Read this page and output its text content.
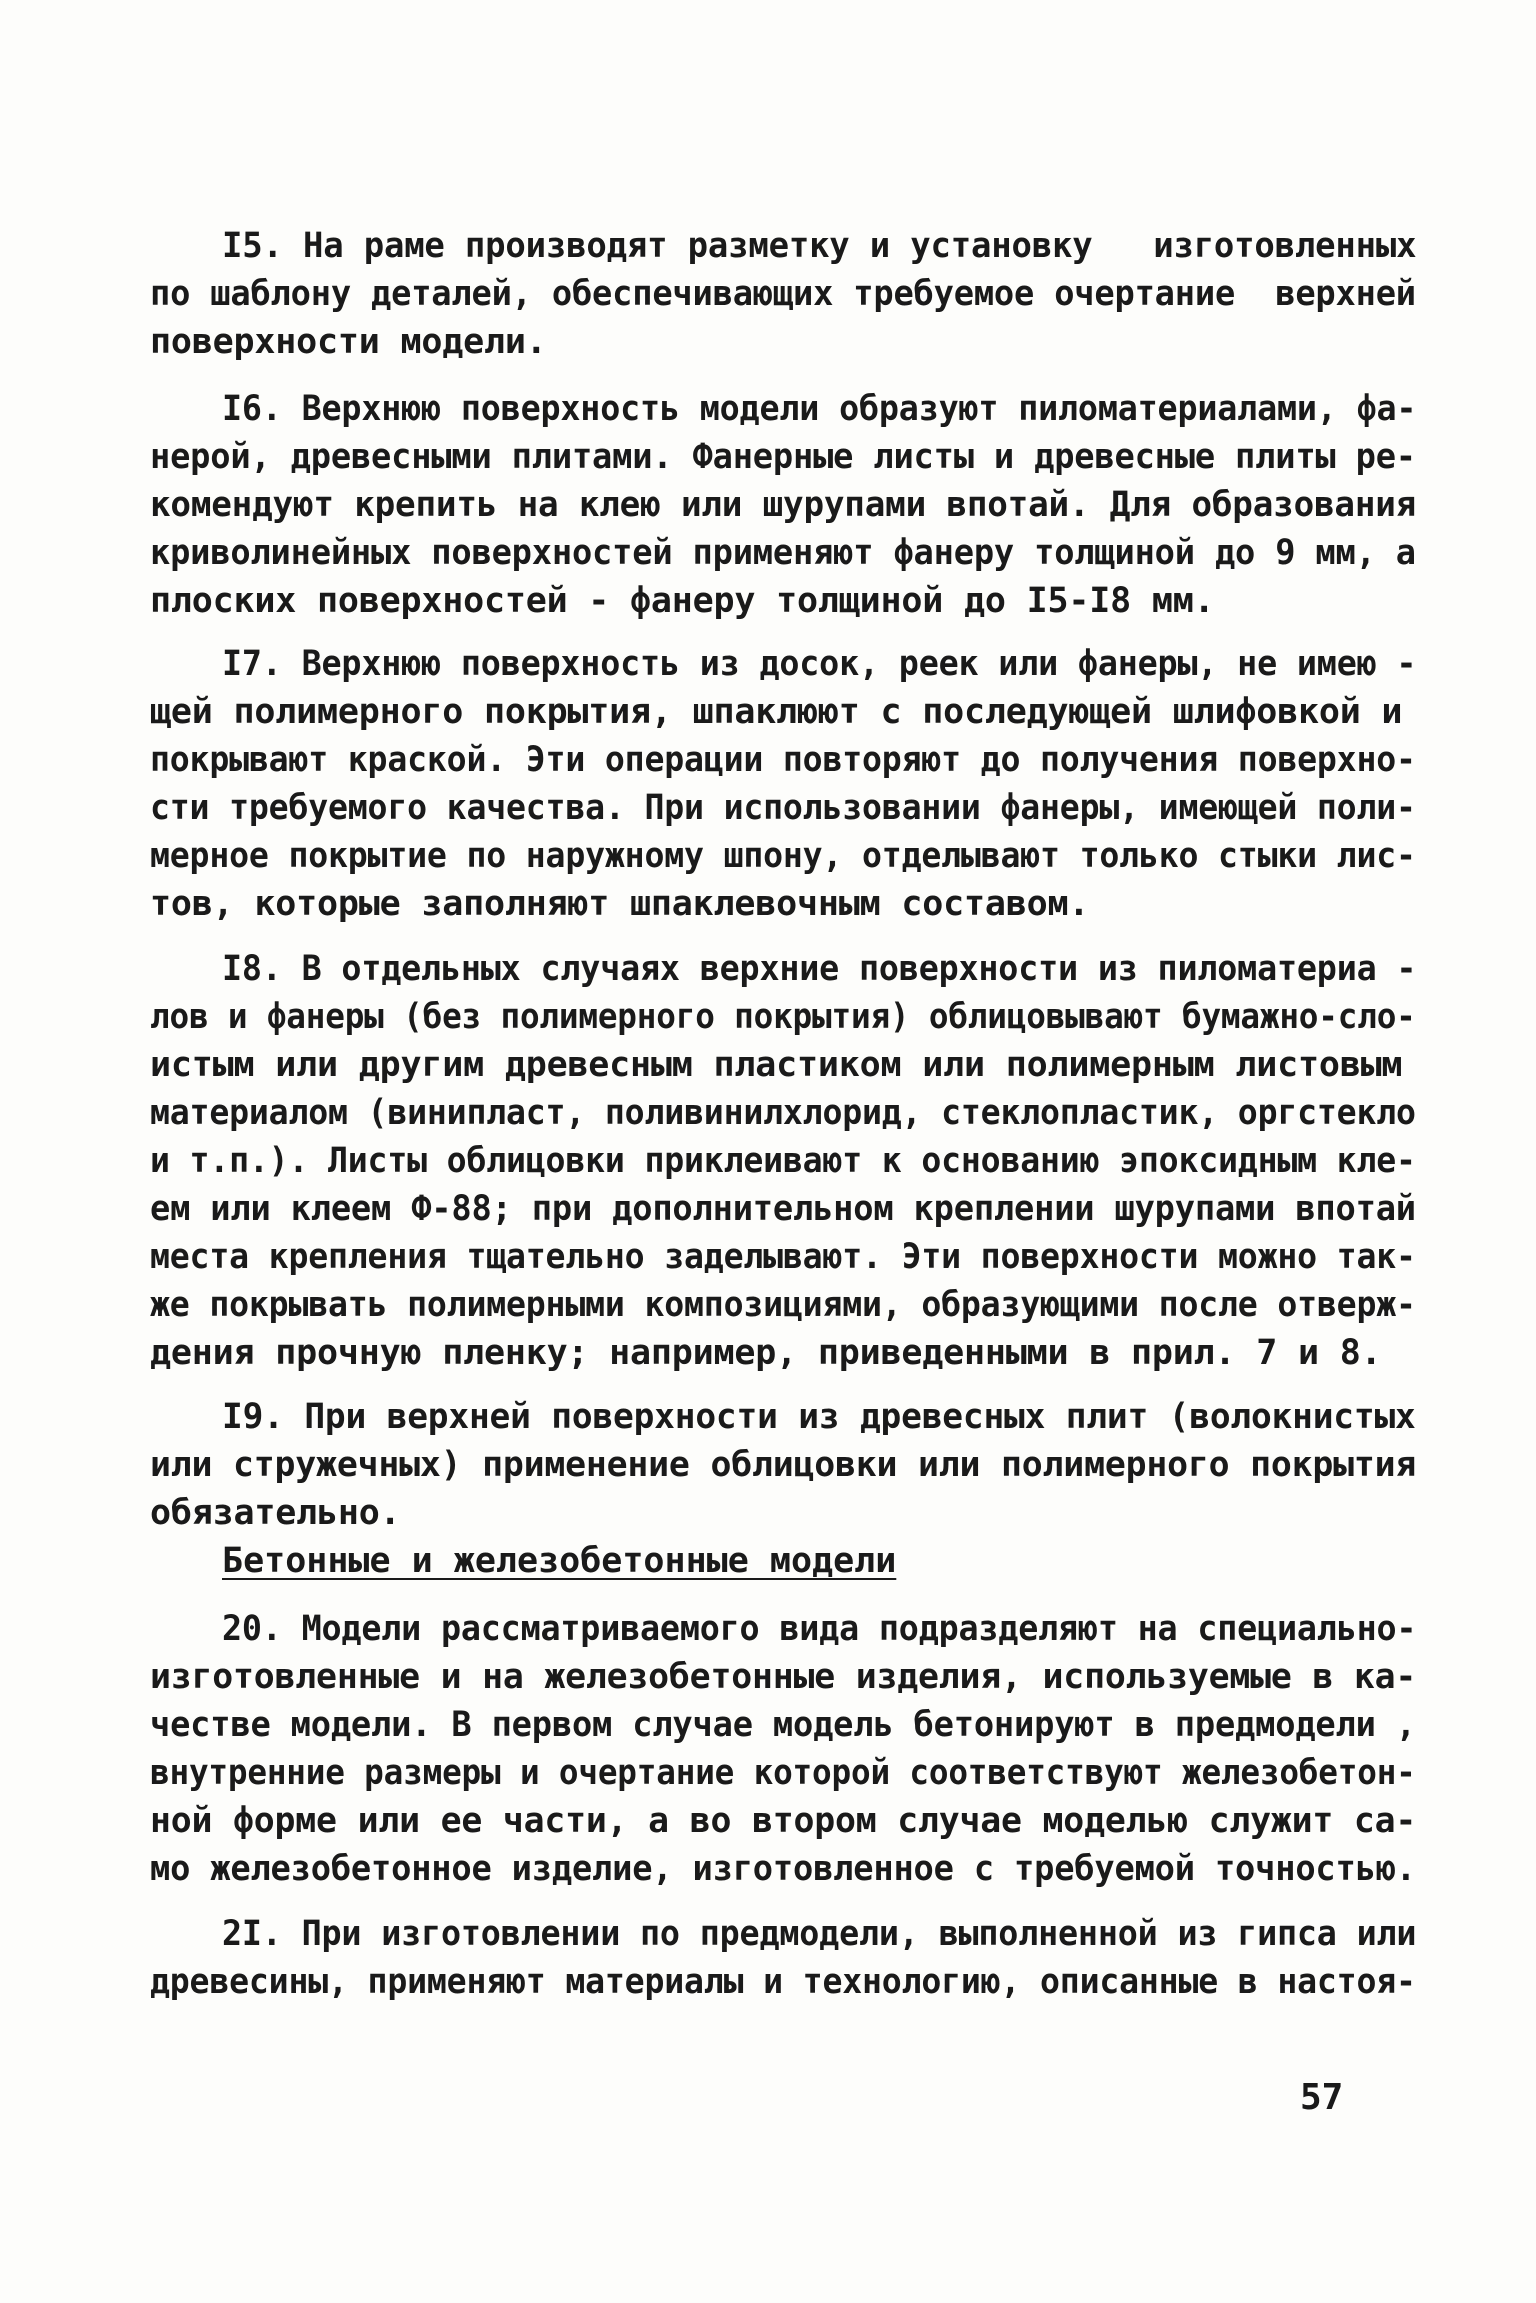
I5. На раме производят разметку и установку   изготовленных
по шаблону деталей, обеспечивающих требуемое очертание  верхней
поверхности модели.
I6. Верхнюю поверхность модели образуют пиломатериалами, фа-
нерой, древесными плитами. Фанерные листы и древесные плиты ре-
комендуют крепить на клею или шурупами впотай. Для образования
криволинейных поверхностей применяют фанеру толщиной до 9 мм, а
плоских поверхностей - фанеру толщиной до I5-I8 мм.
I7. Верхнюю поверхность из досок, реек или фанеры, не имею -
щей полимерного покрытия, шпаклюют с последующей шлифовкой и
покрывают краской. Эти операции повторяют до получения поверхно-
сти требуемого качества. При использовании фанеры, имеющей поли-
мерное покрытие по наружному шпону, отделывают только стыки лис-
тов, которые заполняют шпаклевочным составом.
I8. В отдельных случаях верхние поверхности из пиломатериа -
лов и фанеры (без полимерного покрытия) облицовывают бумажно-сло-
истым или другим древесным пластиком или полимерным листовым
материалом (винипласт, поливинилхлорид, стеклопластик, оргстекло
и т.п.). Листы облицовки приклеивают к основанию эпоксидным кле-
ем или клеем Ф-88; при дополнительном креплении шурупами впотай
места крепления тщательно заделывают. Эти поверхности можно так-
же покрывать полимерными композициями, образующими после отверж-
дения прочную пленку; например, приведенными в прил. 7 и 8.
I9. При верхней поверхности из древесных плит (волокнистых
или стружечных) применение облицовки или полимерного покрытия
обязательно.
Бетонные и железобетонные модели
20. Модели рассматриваемого вида подразделяют на специально-
изготовленные и на железобетонные изделия, используемые в ка-
честве модели. В первом случае модель бетонируют в предмодели ,
внутренние размеры и очертание которой соответствуют железобетон-
ной форме или ее части, а во втором случае моделью служит са-
мо железобетонное изделие, изготовленное с требуемой точностью.
2I. При изготовлении по предмодели, выполненной из гипса или
древесины, применяют материалы и технологию, описанные в настоя-
57
